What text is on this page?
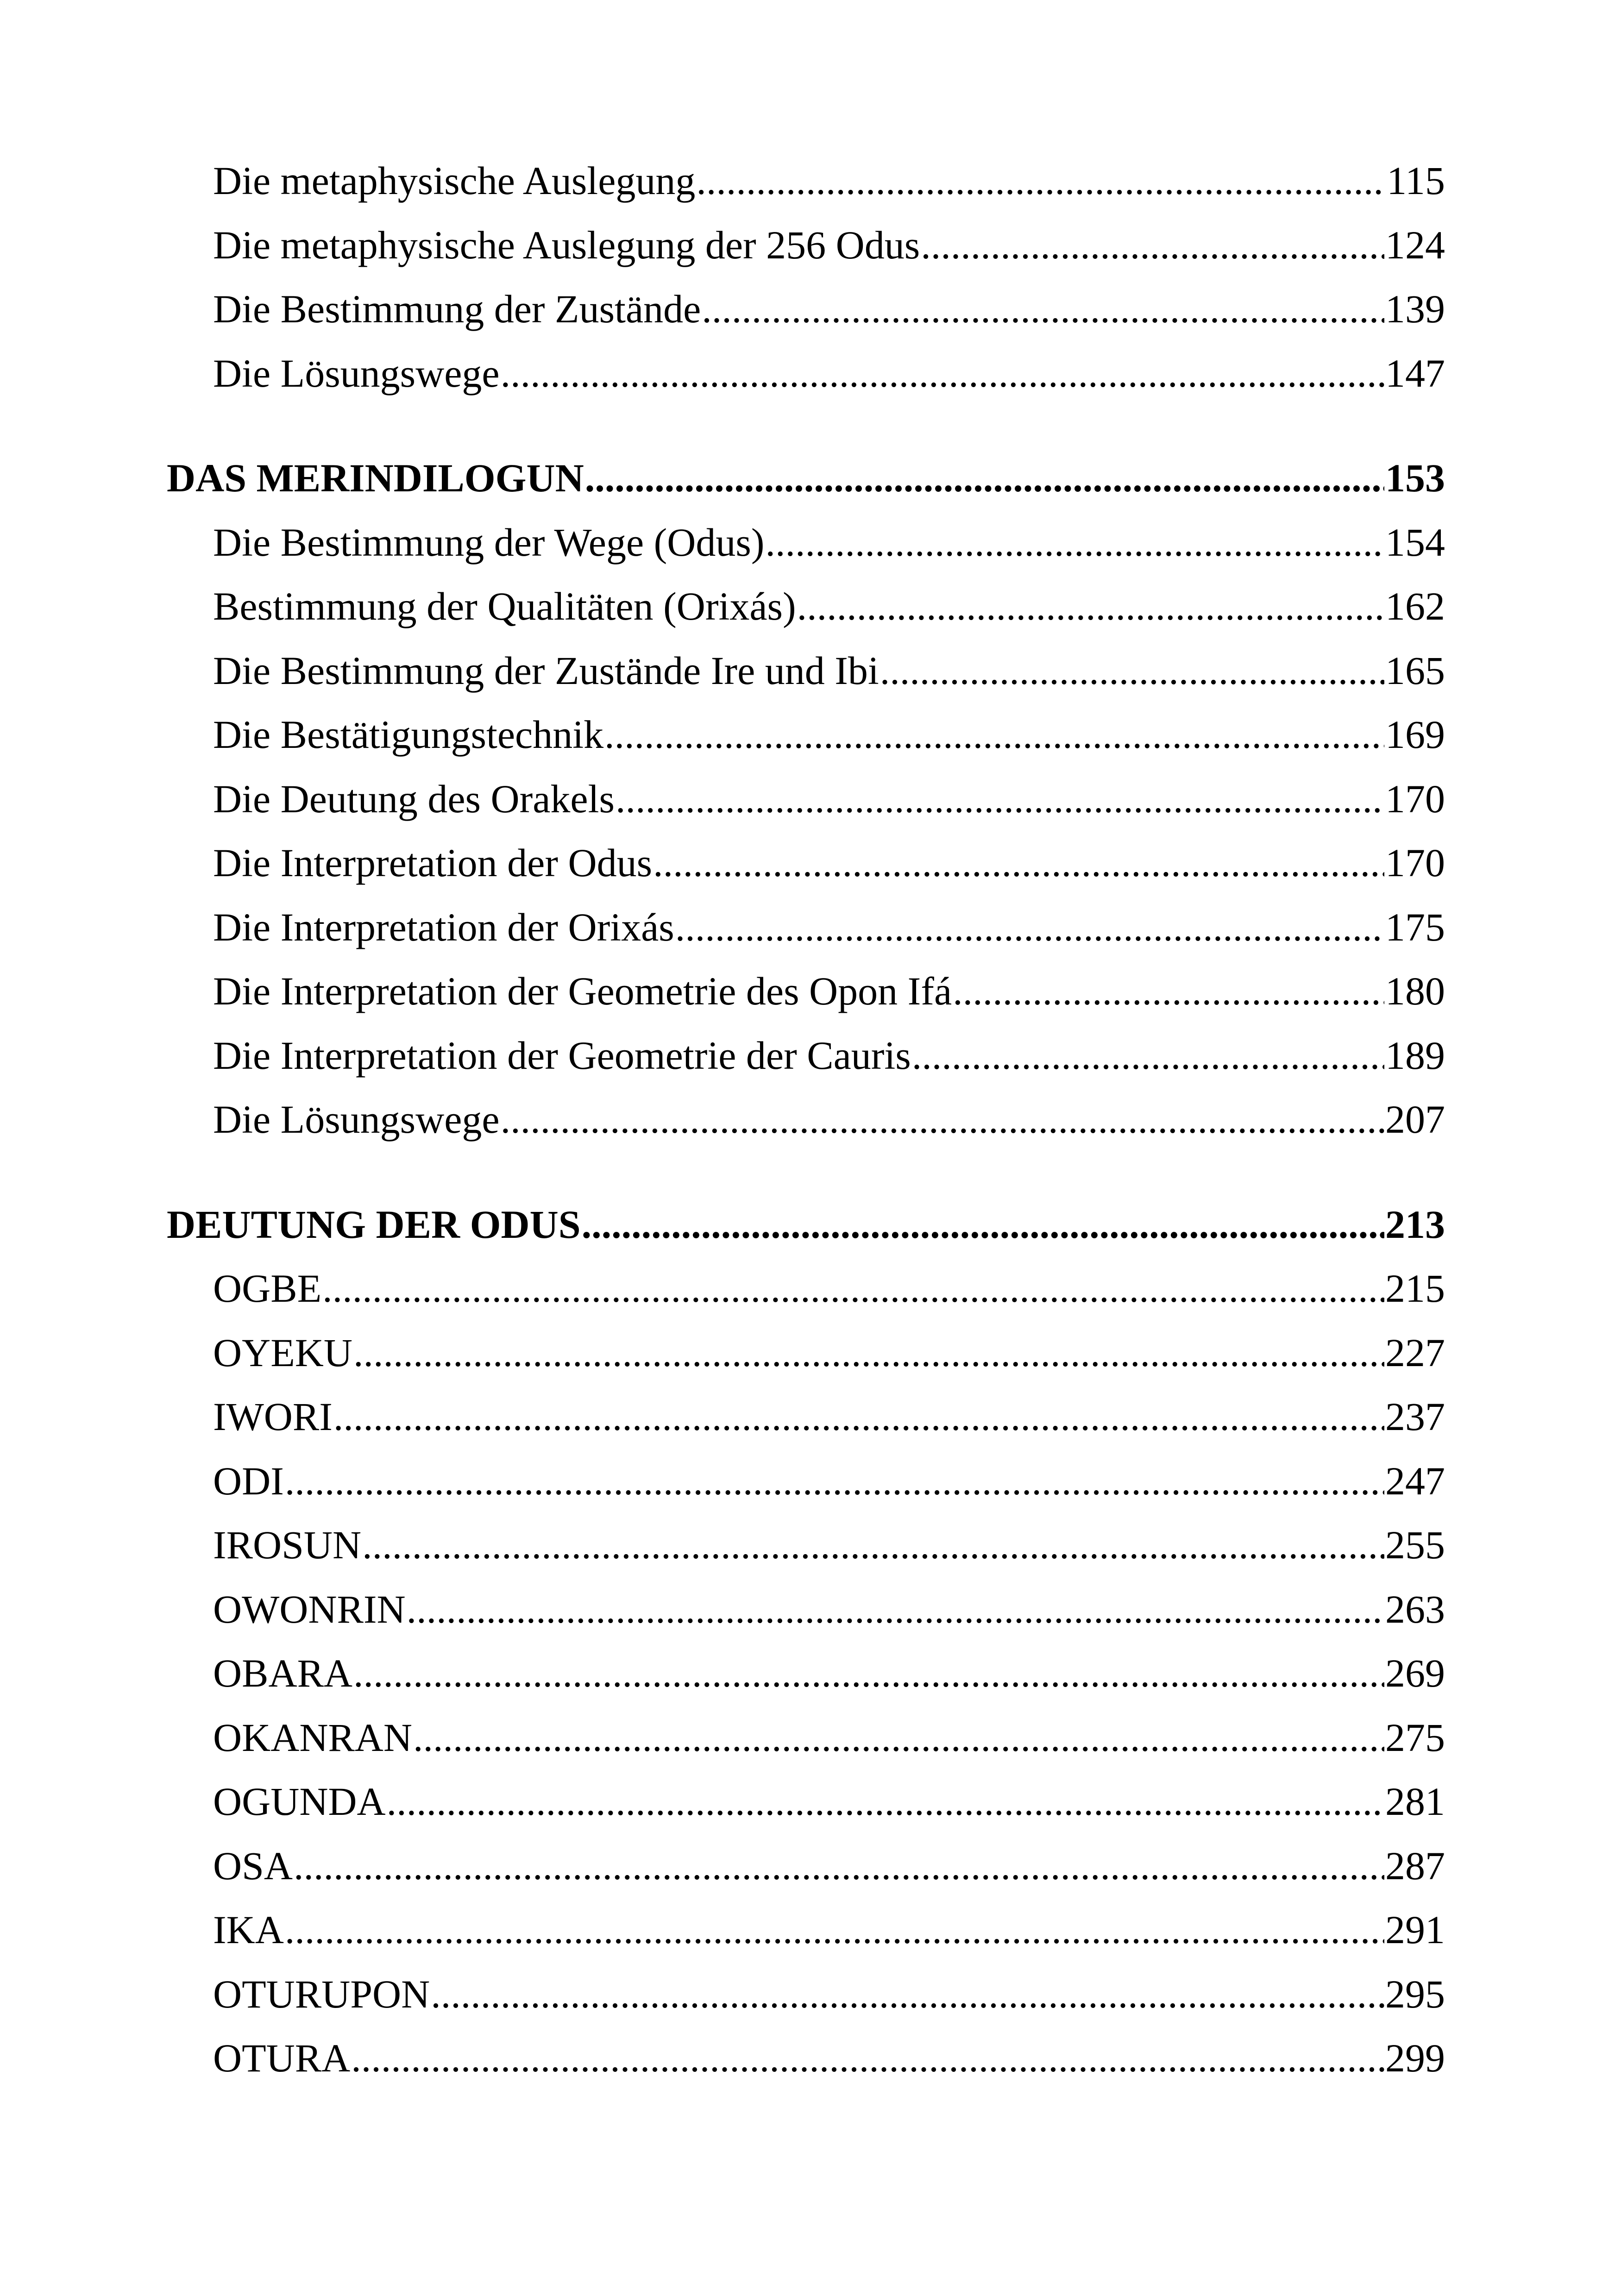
Die metaphysische Auslegung .....	115
Die metaphysische Auslegung der 256 Odus .....	124
Die Bestimmung der Zustände .....	139
Die Lösungswege .....	147
DAS MERINDILOGUN .....	153
Die Bestimmung der Wege (Odus) .....	154
Bestimmung der Qualitäten (Orixás) .....	162
Die Bestimmung der Zustände Ire und Ibi .....	165
Die Bestätigungstechnik .....	169
Die Deutung des Orakels .....	170
Die Interpretation der Odus .....	170
Die Interpretation der Orixás .....	175
Die Interpretation der Geometrie des Opon Ifá .....	180
Die Interpretation der Geometrie der Cauris .....	189
Die Lösungswege .....	207
DEUTUNG DER ODUS .....	213
OGBE .....	215
OYEKU .....	227
IWORI .....	237
ODI .....	247
IROSUN .....	255
OWONRIN .....	263
OBARA .....	269
OKANRAN .....	275
OGUNDA .....	281
OSA .....	287
IKA .....	291
OTURUPON .....	295
OTURA .....	299
